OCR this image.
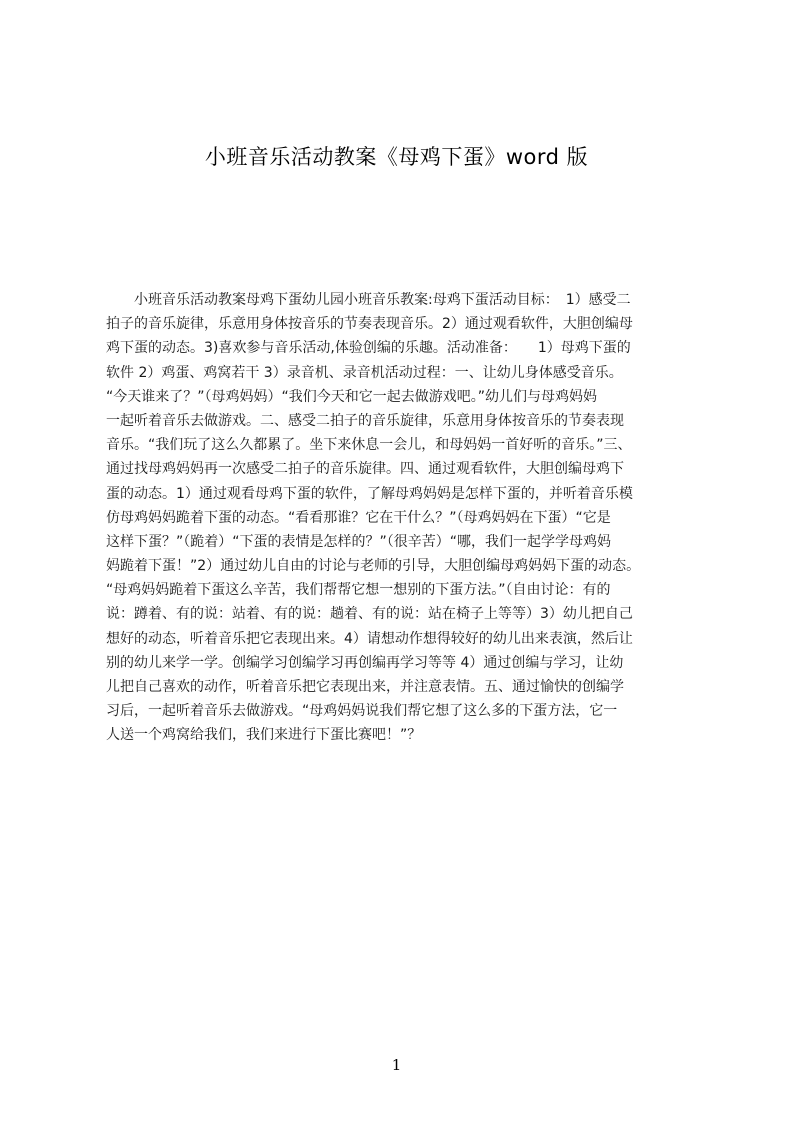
小班音乐活动教案《母鸡下蛋》word 版
　　小班音乐活动教案母鸡下蛋幼儿园小班音乐教案:母鸡下蛋活动目标：　1）感受二
拍子的音乐旋律，乐意用身体按音乐的节奏表现音乐。2）通过观看软件，大胆创编母
鸡下蛋的动态。3)喜欢参与音乐活动,体验创编的乐趣。活动准备：　　1）母鸡下蛋的
软件 2）鸡蛋、鸡窝若干 3）录音机、录音机活动过程：一、让幼儿身体感受音乐。
“今天谁来了？”（母鸡妈妈）“我们今天和它一起去做游戏吧。”幼儿们与母鸡妈妈
一起听着音乐去做游戏。二、感受二拍子的音乐旋律，乐意用身体按音乐的节奏表现
音乐。“我们玩了这么久都累了。坐下来休息一会儿，和母妈妈一首好听的音乐。”三、
通过找母鸡妈妈再一次感受二拍子的音乐旋律。四、通过观看软件，大胆创编母鸡下
蛋的动态。1）通过观看母鸡下蛋的软件，了解母鸡妈妈是怎样下蛋的，并听着音乐模
仿母鸡妈妈跪着下蛋的动态。“看看那谁？它在干什么？”（母鸡妈妈在下蛋）“它是
这样下蛋？”（跪着）“下蛋的表情是怎样的？”（很辛苦）“哪，我们一起学学母鸡妈
妈跪着下蛋！”2）通过幼儿自由的讨论与老师的引导，大胆创编母鸡妈妈下蛋的动态。
“母鸡妈妈跪着下蛋这么辛苦，我们帮帮它想一想别的下蛋方法。”（自由讨论：有的
说：蹲着、有的说：站着、有的说：趟着、有的说：站在椅子上等等）3）幼儿把自己
想好的动态，听着音乐把它表现出来。4）请想动作想得较好的幼儿出来表演，然后让
别的幼儿来学一学。创编学习创编学习再创编再学习等等 4）通过创编与学习，让幼
儿把自己喜欢的动作，听着音乐把它表现出来，并注意表情。五、通过愉快的创编学
习后，一起听着音乐去做游戏。“母鸡妈妈说我们帮它想了这么多的下蛋方法，它一
人送一个鸡窝给我们，我们来进行下蛋比赛吧！”？
1
